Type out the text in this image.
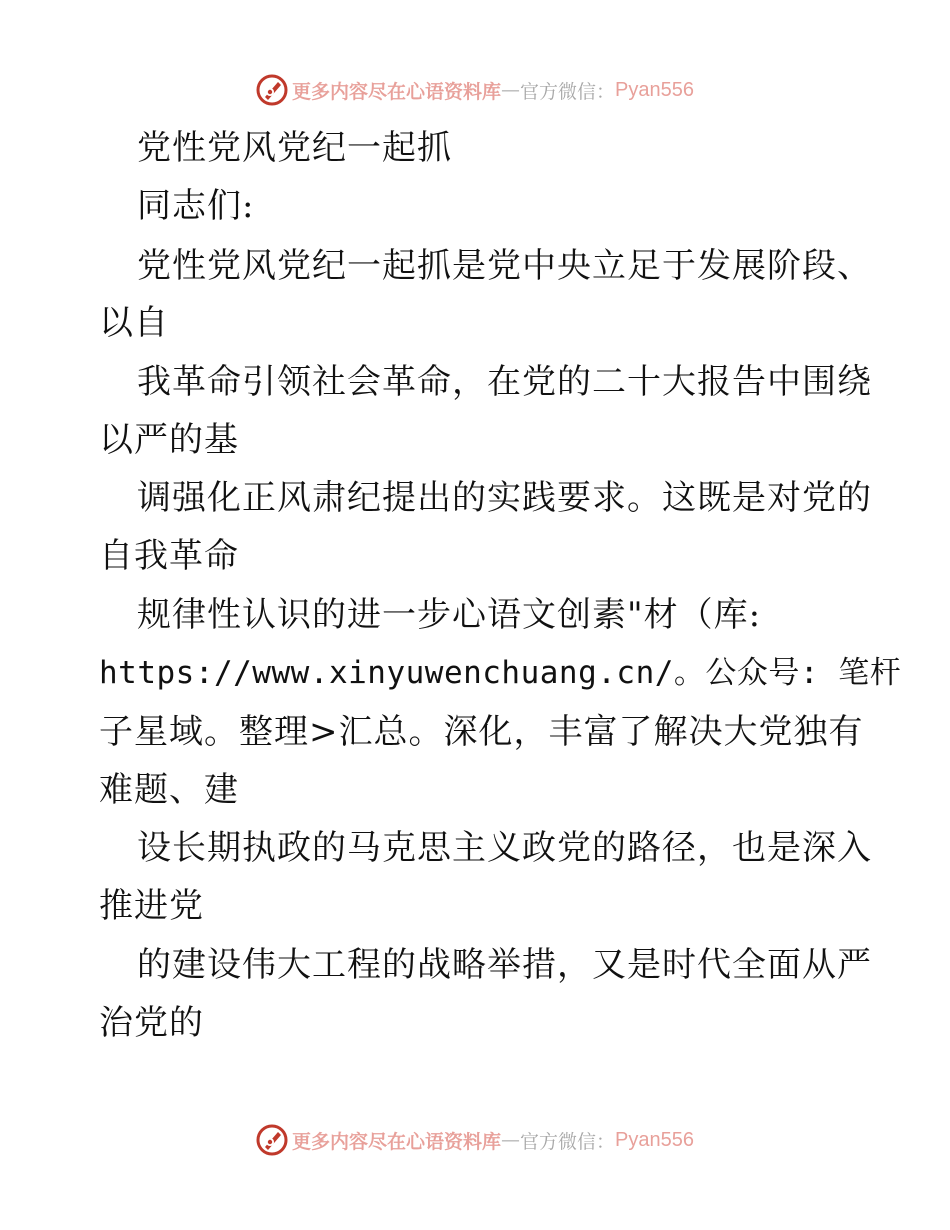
更多内容尽在心语资料库 — 官方微信： Pyan556
党性党风党纪一起抓
同志们:
党性党风党纪一起抓是党中央立足于发展阶段、
以自
我革命引领社会革命，在党的二十大报告中围绕
以严的基
调强化正风肃纪提出的实践要求。这既是对党的
自我革命
规律性认识的进一步心语文创素"材（库:
https://www.xinyuwenchuang.cn/。公众号: 笔杆
子星域。整理>汇总。深化，丰富了解决大党独有
难题、建
设长期执政的马克思主义政党的路径，也是深入
推进党
的建设伟大工程的战略举措，又是时代全面从严
治党的
更多内容尽在心语资料库 — 官方微信： Pyan556
